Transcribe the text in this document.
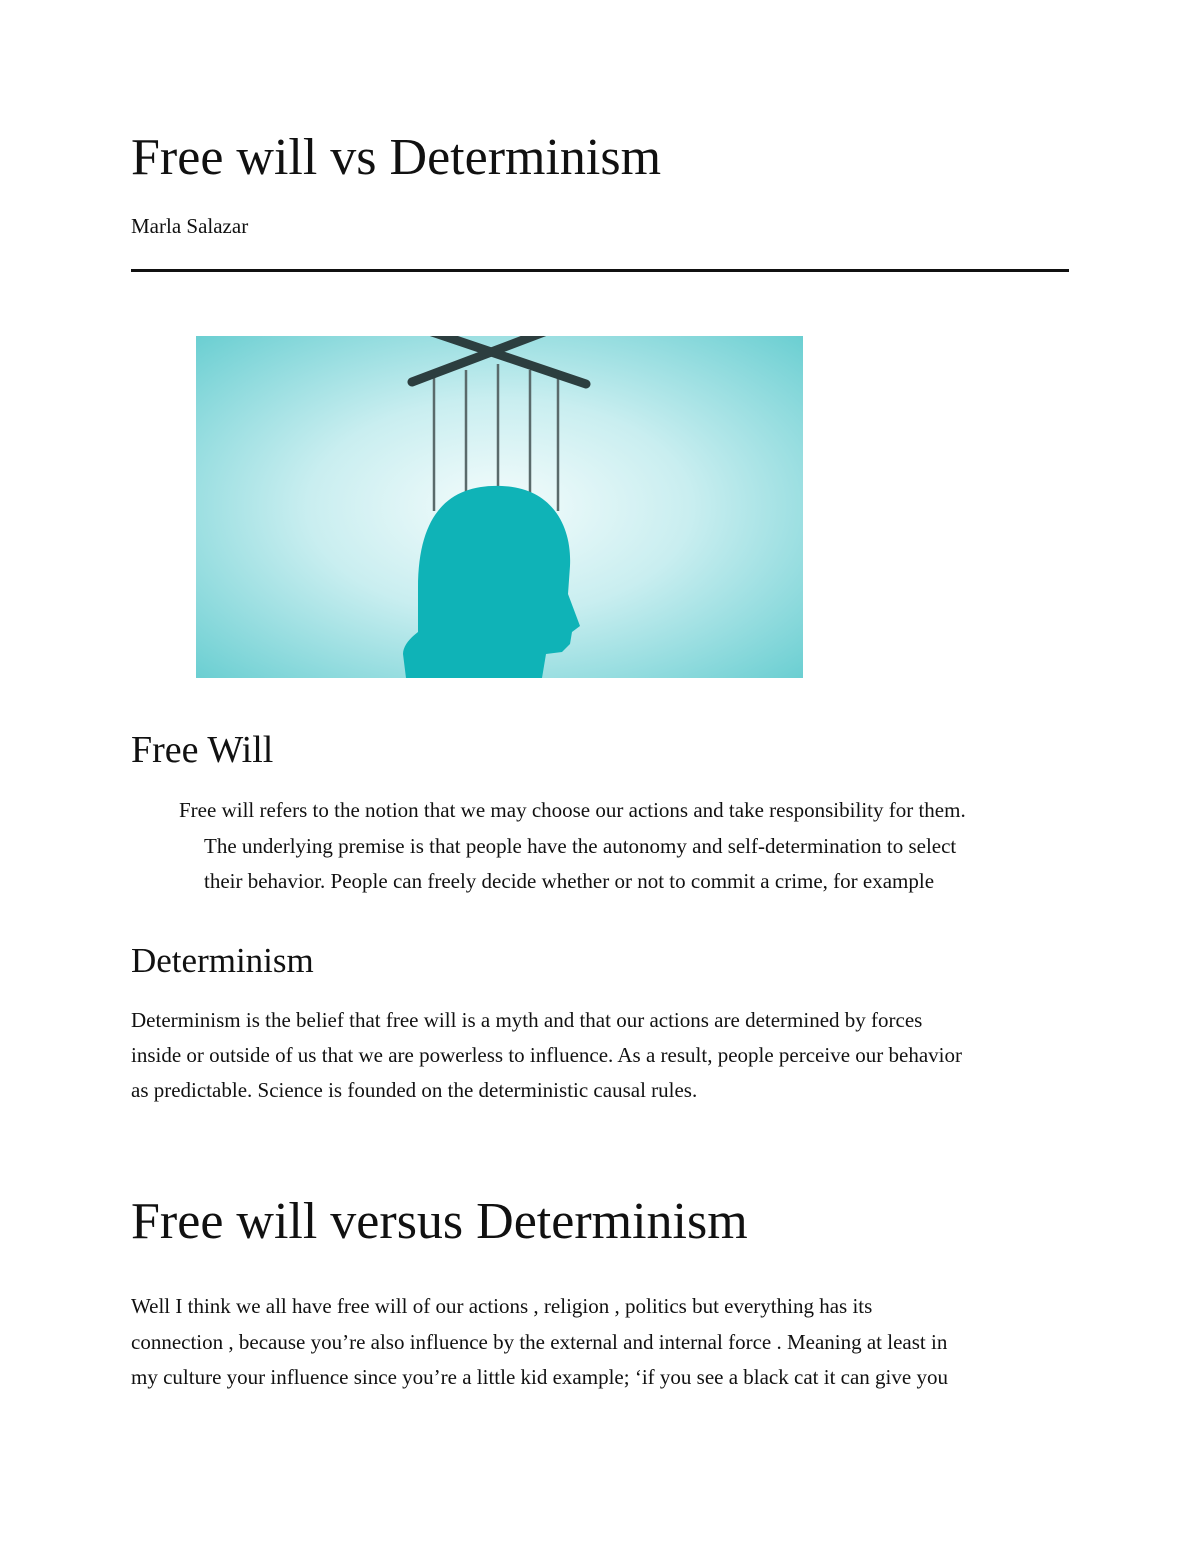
Free will vs Determinism
Marla Salazar
Free Will

Free will refers to the notion that we may choose our actions and take responsibility for them.
The underlying premise is that people have the autonomy and self-determination to select
their behavior. People can freely decide whether or not to commit a crime, for example

Determinism

Determinism is the belief that free will is a myth and that our actions are determined by forces
inside or outside of us that we are powerless to influence. As a result, people perceive our behavior
as predictable. Science is founded on the deterministic causal rules.

Free will versus Determinism

Well I think we all have free will of our actions , religion , politics but everything has its
connection , because you’re also influence by the external and internal force . Meaning at least in
my culture your influence since you’re a little kid example; ‘if you see a black cat it can give you
